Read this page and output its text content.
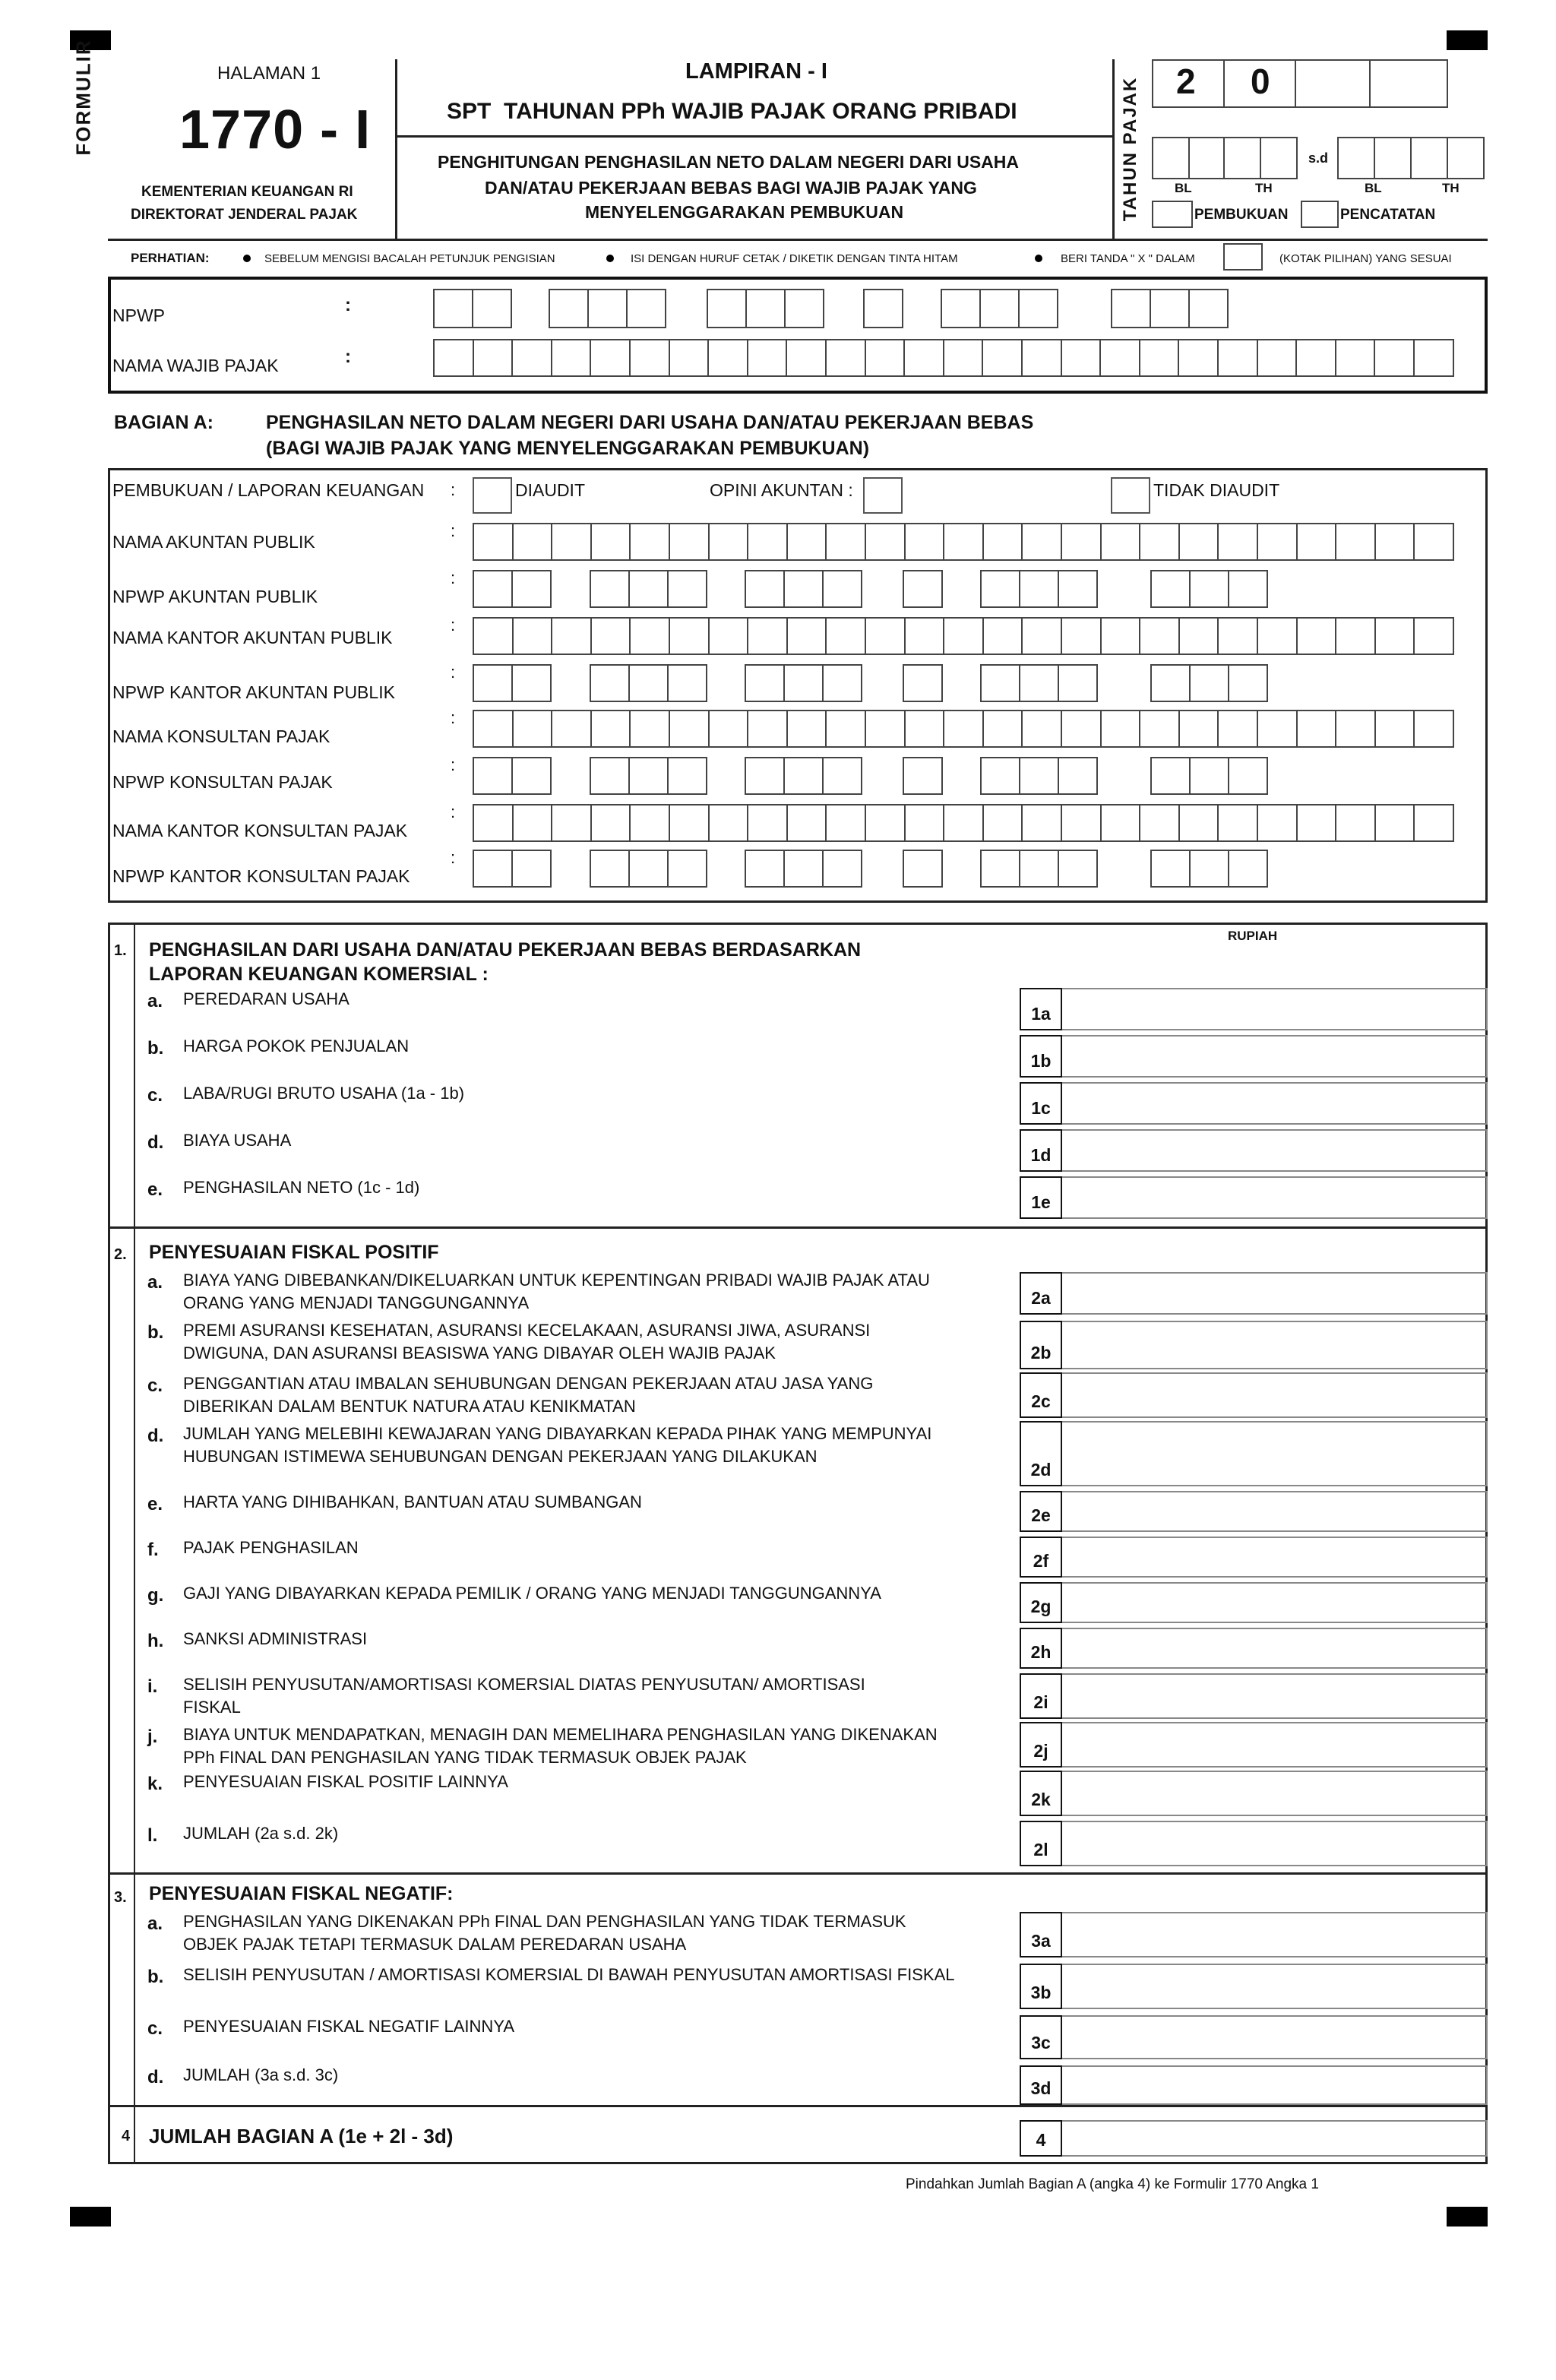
FORMULIR	HALAMAN 1
1770 - I
KEMENTERIAN KEUANGAN RI
DIREKTORAT JENDERAL PAJAK
LAMPIRAN - I
SPT  TAHUNAN PPh WAJIB PAJAK ORANG PRIBADI
PENGHITUNGAN PENGHASILAN NETO DALAM NEGERI DARI USAHA
DAN/ATAU PEKERJAAN BEBAS BAGI WAJIB PAJAK YANG
MENYELENGGARAKAN PEMBUKUAN	TAHUN PAJAK 2 0
s.d
BL	TH	BL	TH
PEMBUKUAN	PENCATATAN
PERHATIAN:	SEBELUM MENGISI BACALAH PETUNJUK PENGISIAN	ISI DENGAN HURUF CETAK / DIKETIK DENGAN TINTA HITAM	BERI TANDA " X " DALAM	(KOTAK PILIHAN) YANG SESUAI
NPWP	:
NAMA WAJIB PAJAK	:
BAGIAN A:	PENGHASILAN NETO DALAM NEGERI DARI USAHA DAN/ATAU PEKERJAAN BEBAS
(BAGI WAJIB PAJAK YANG MENYELENGGARAKAN PEMBUKUAN)
PEMBUKUAN / LAPORAN KEUANGAN :	DIAUDIT	OPINI AKUNTAN :	TIDAK DIAUDIT
NAMA AKUNTAN PUBLIK
:
NPWP AKUNTAN PUBLIK
:
NAMA KANTOR AKUNTAN PUBLIK
:
NPWP KANTOR AKUNTAN PUBLIK
:
NAMA KONSULTAN PAJAK
:
NPWP KONSULTAN PAJAK
:
NAMA KANTOR KONSULTAN PAJAK
:
NPWP KANTOR KONSULTAN PAJAK
:
RUPIAH
1. PENGHASILAN DARI USAHA DAN/ATAU PEKERJAAN BEBAS BERDASARKAN
LAPORAN KEUANGAN KOMERSIAL :
a. PEREDARAN USAHA
1a
b. HARGA POKOK PENJUALAN
1b
c. LABA/RUGI BRUTO USAHA (1a - 1b)
1c
d. BIAYA USAHA
1d
e. PENGHASILAN NETO (1c - 1d)
1e
2. PENYESUAIAN FISKAL POSITIF
a. BIAYA YANG DIBEBANKAN/DIKELUARKAN UNTUK KEPENTINGAN PRIBADI WAJIB PAJAK ATAU
ORANG YANG MENJADI TANGGUNGANNYA	2a
b. PREMI ASURANSI KESEHATAN, ASURANSI KECELAKAAN, ASURANSI JIWA, ASURANSI
DWIGUNA, DAN ASURANSI BEASISWA YANG DIBAYAR OLEH WAJIB PAJAK	2b
c. PENGGANTIAN ATAU IMBALAN SEHUBUNGAN DENGAN PEKERJAAN ATAU JASA YANG
DIBERIKAN DALAM BENTUK NATURA ATAU KENIKMATAN	2c
d. JUMLAH YANG MELEBIHI KEWAJARAN YANG DIBAYARKAN KEPADA PIHAK YANG MEMPUNYAI
HUBUNGAN ISTIMEWA SEHUBUNGAN DENGAN PEKERJAAN YANG DILAKUKAN
2d
e. HARTA YANG DIHIBAHKAN, BANTUAN ATAU SUMBANGAN
2e
f. PAJAK PENGHASILAN
2f
g. GAJI YANG DIBAYARKAN KEPADA PEMILIK / ORANG YANG MENJADI TANGGUNGANNYA
2g
h. SANKSI ADMINISTRASI
2h
i. SELISIH PENYUSUTAN/AMORTISASI KOMERSIAL DIATAS PENYUSUTAN/ AMORTISASI
FISKAL	2i
j. BIAYA UNTUK MENDAPATKAN, MENAGIH DAN MEMELIHARA PENGHASILAN YANG DIKENAKAN
PPh FINAL DAN PENGHASILAN YANG TIDAK TERMASUK OBJEK PAJAK	2j
k. PENYESUAIAN FISKAL POSITIF LAINNYA
2k
l. JUMLAH (2a s.d. 2k)
2l
3. PENYESUAIAN FISKAL NEGATIF:
a. PENGHASILAN YANG DIKENAKAN PPh FINAL DAN PENGHASILAN YANG TIDAK TERMASUK
OBJEK PAJAK TETAPI TERMASUK DALAM PEREDARAN USAHA	3a
b. SELISIH PENYUSUTAN / AMORTISASI KOMERSIAL DI BAWAH PENYUSUTAN AMORTISASI FISKAL
3b
c. PENYESUAIAN FISKAL NEGATIF LAINNYA
3c
d. JUMLAH (3a s.d. 3c)
3d
4 JUMLAH BAGIAN A (1e + 2l - 3d)	4
Pindahkan Jumlah Bagian A (angka 4) ke Formulir 1770 Angka 1
